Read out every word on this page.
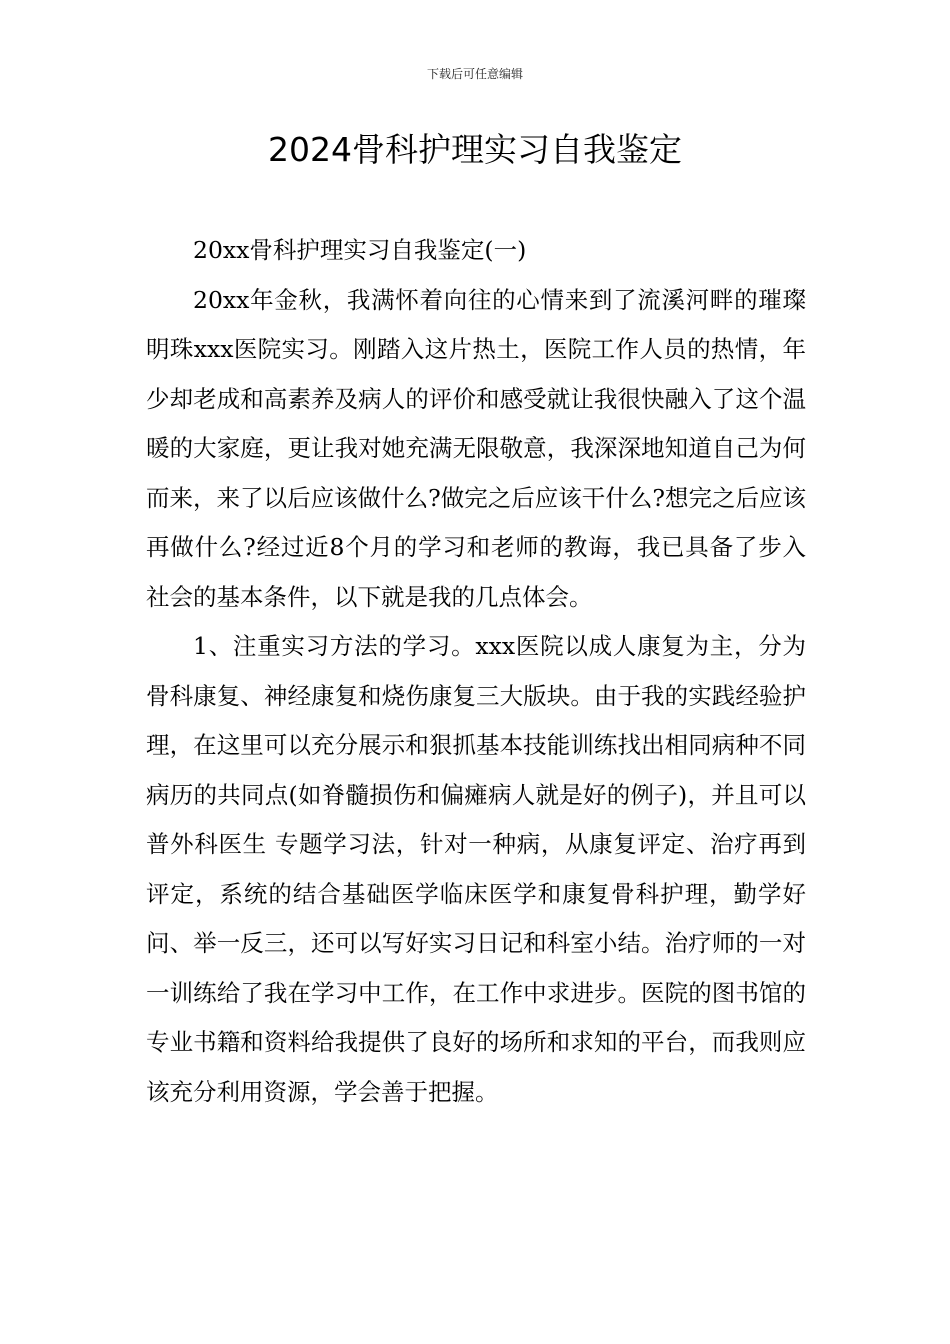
下载后可任意编辑
2024骨科护理实习自我鉴定

20xx骨科护理实习自我鉴定(一)

20xx年金秋，我满怀着向往的心情来到了流溪河畔的璀璨明珠xxx医院实习。刚踏入这片热土，医院工作人员的热情，年少却老成和高素养及病人的评价和感受就让我很快融入了这个温暖的大家庭，更让我对她充满无限敬意，我深深地知道自己为何而来，来了以后应该做什么?做完之后应该干什么?想完之后应该再做什么?经过近8个月的学习和老师的教诲，我已具备了步入社会的基本条件，以下就是我的几点体会。

1、注重实习方法的学习。xxx医院以成人康复为主，分为骨科康复、神经康复和烧伤康复三大版块。由于我的实践经验护理，在这里可以充分展示和狠抓基本技能训练找出相同病种不同病历的共同点(如脊髓损伤和偏瘫病人就是好的例子)，并且可以普外科医生 专题学习法，针对一种病，从康复评定、治疗再到评定，系统的结合基础医学临床医学和康复骨科护理，勤学好问、举一反三，还可以写好实习日记和科室小结。治疗师的一对一训练给了我在学习中工作，在工作中求进步。医院的图书馆的专业书籍和资料给我提供了良好的场所和求知的平台，而我则应该充分利用资源，学会善于把握。
